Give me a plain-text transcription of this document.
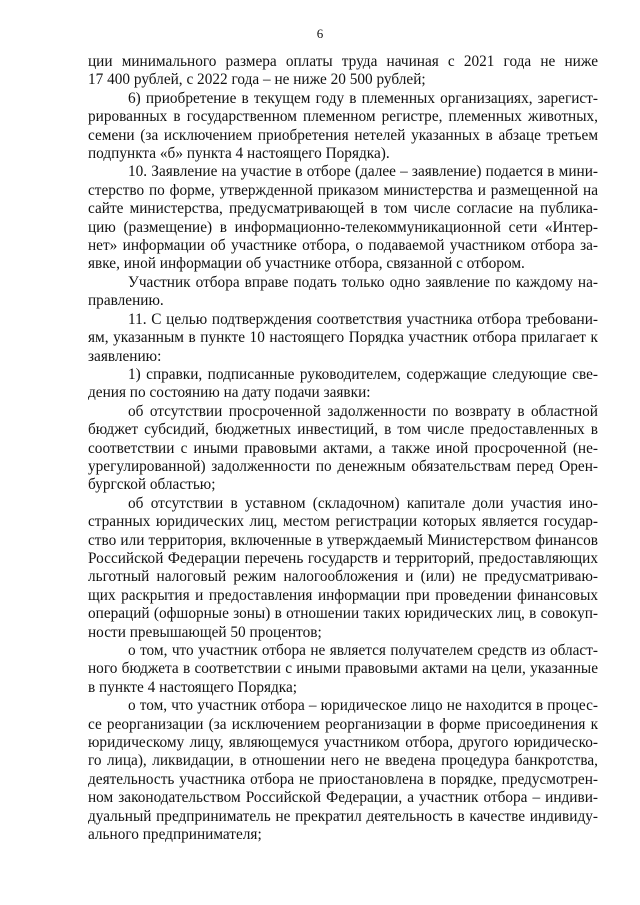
6
ции минимального размера оплаты труда начиная с 2021 года не ниже
17 400 рублей, с 2022 года – не ниже 20 500 рублей;
6) приобретение в текущем году в племенных организациях, зарегист-
рированных в государственном племенном регистре, племенных животных,
семени (за исключением приобретения нетелей указанных в абзаце третьем
подпункта «б» пункта 4 настоящего Порядка).
10. Заявление на участие в отборе (далее – заявление) подается в мини-
стерство по форме, утвержденной приказом министерства и размещенной на
сайте министерства, предусматривающей в том числе согласие на публика-
цию (размещение) в информационно-телекоммуникационной сети «Интер-
нет» информации об участнике отбора, о подаваемой участником отбора за-
явке, иной информации об участнике отбора, связанной с отбором.
Участник отбора вправе подать только одно заявление по каждому на-
правлению.
11. С целью подтверждения соответствия участника отбора требовани-
ям, указанным в пункте 10 настоящего Порядка участник отбора прилагает к
заявлению:
1) справки, подписанные руководителем, содержащие следующие све-
дения по состоянию на дату подачи заявки:
об отсутствии просроченной задолженности по возврату в областной
бюджет субсидий, бюджетных инвестиций, в том числе предоставленных в
соответствии с иными правовыми актами, а также иной просроченной (не-
урегулированной) задолженности по денежным обязательствам перед Орен-
бургской областью;
об отсутствии в уставном (складочном) капитале доли участия ино-
странных юридических лиц, местом регистрации которых является государ-
ство или территория, включенные в утверждаемый Министерством финансов
Российской Федерации перечень государств и территорий, предоставляющих
льготный налоговый режим налогообложения и (или) не предусматриваю-
щих раскрытия и предоставления информации при проведении финансовых
операций (офшорные зоны) в отношении таких юридических лиц, в совокуп-
ности превышающей 50 процентов;
о том, что участник отбора не является получателем средств из област-
ного бюджета в соответствии с иными правовыми актами на цели, указанные
в пункте 4 настоящего Порядка;
о том, что участник отбора – юридическое лицо не находится в процес-
се реорганизации (за исключением реорганизации в форме присоединения к
юридическому лицу, являющемуся участником отбора, другого юридическо-
го лица), ликвидации, в отношении него не введена процедура банкротства,
деятельность участника отбора не приостановлена в порядке, предусмотрен-
ном законодательством Российской Федерации, а участник отбора – индиви-
дуальный предприниматель не прекратил деятельность в качестве индивиду-
ального предпринимателя;
